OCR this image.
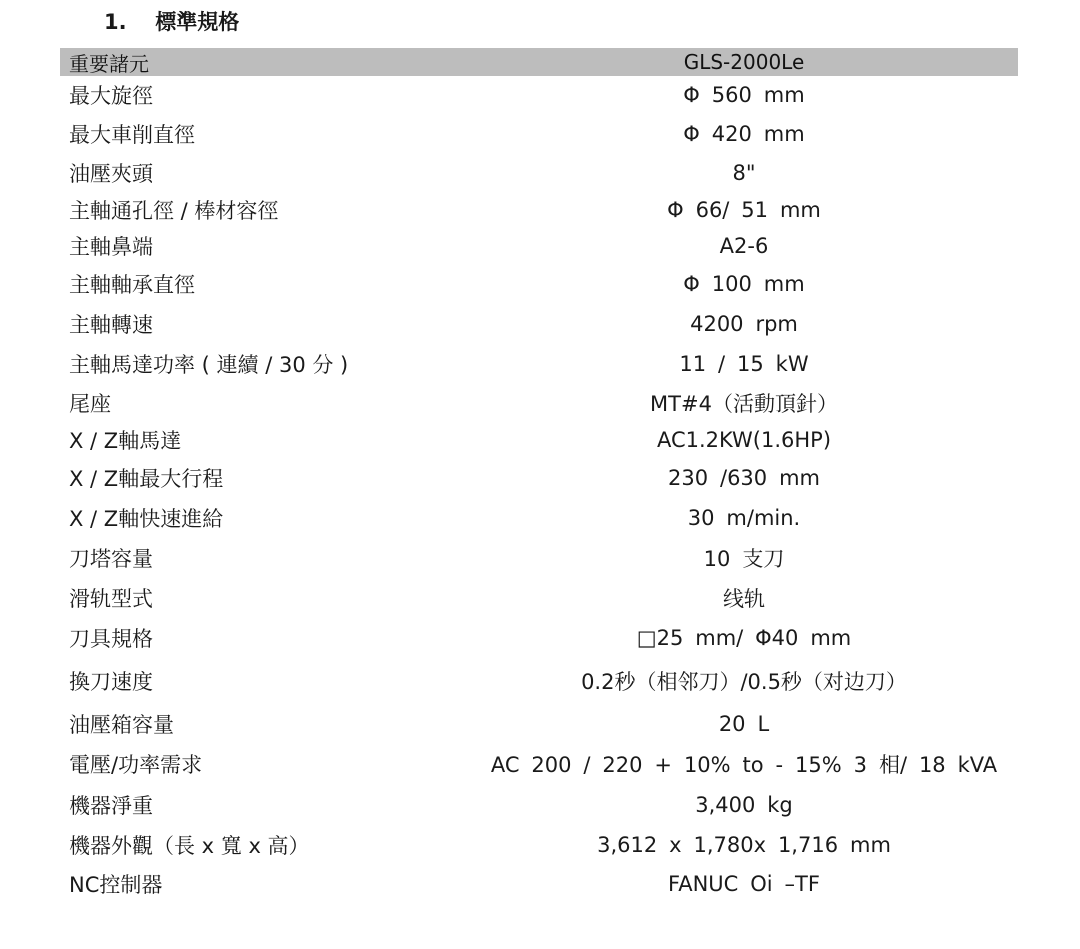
1. 標準規格
重要諸元	GLS-2000Le
最大旋徑	Φ 560 mm
最大車削直徑	Φ 420 mm
油壓夾頭	8"
主軸通孔徑 / 棒材容徑	Φ 66/ 51 mm
主軸鼻端	A2-6
主軸軸承直徑	Φ 100 mm
主軸轉速	4200 rpm
主軸馬達功率 ( 連續 / 30 分 )	11 / 15 kW
尾座	MT#4（活動頂針）
X / Z軸馬達	AC1.2KW(1.6HP)
X / Z軸最大行程	230 /630 mm
X / Z軸快速進給	30 m/min.
刀塔容量	10 支刀
滑轨型式	线轨
刀具規格	□25 mm/ Φ40 mm
換刀速度	0.2秒（相邻刀）/0.5秒（对边刀）
油壓箱容量	20 L
電壓/功率需求	AC 200 / 220 + 10% to - 15% 3 相/ 18 kVA
機器淨重	3,400 kg
機器外觀（長 x 寬 x 高）	3,612 x 1,780x 1,716 mm
NC控制器	FANUC Oi –TF
